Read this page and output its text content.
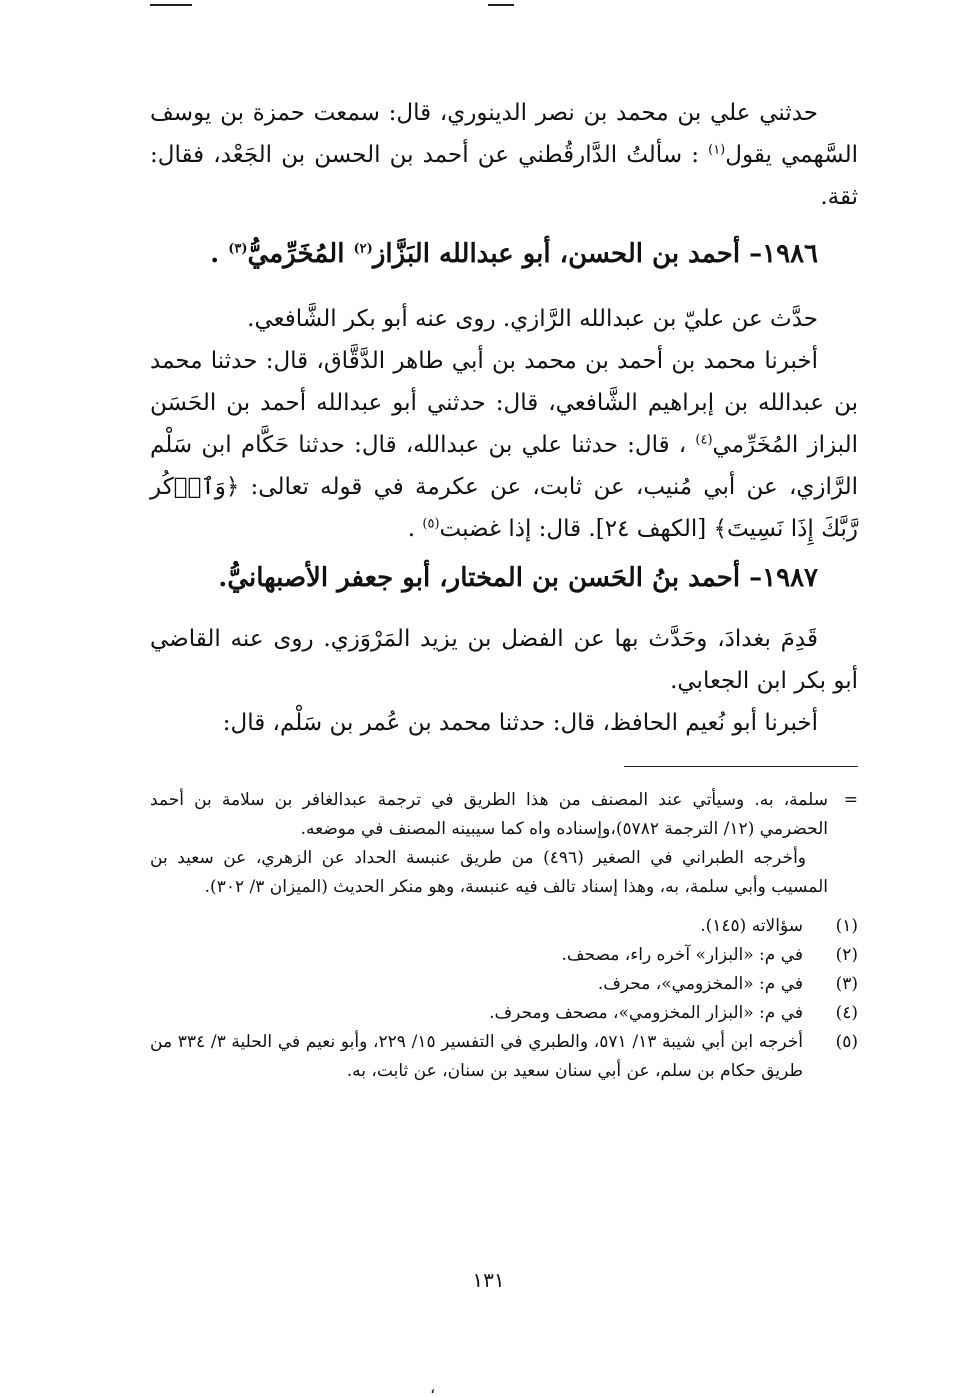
حدثني علي بن محمد بن نصر الدينوري، قال: سمعت حمزة بن يوسف السَّهمي يقول$^{(١)}$ : سألتُ الدَّارقُطني عن أحمد بن الحسن بن الجَعْد، فقال: ثقة.

١٩٨٦– أحمد بن الحسن، أبو عبدالله البَزَّاز$^{(٢)}$ المُخَرِّميُّ$^{(٣)}$ .

حدَّث عن عليّ بن عبدالله الرَّازي. روى عنه أبو بكر الشَّافعي.

أخبرنا محمد بن أحمد بن محمد بن أبي طاهر الدَّقَّاق، قال: حدثنا محمد بن عبدالله بن إبراهيم الشَّافعي، قال: حدثني أبو عبدالله أحمد بن الحَسَن البزاز المُخَرِّمي$^{(٤)}$ ، قال: حدثنا علي بن عبدالله، قال: حدثنا حَكَّام ابن سَلْم الرَّازي، عن أبي مُنيب، عن ثابت، عن عكرمة في قوله تعالى: ﴿وَٱذۡكُر رَّبَّكَ إِذَا نَسِيتَ﴾ [الكهف ٢٤]. قال: إذا غضبت$^{(٥)}$ .

١٩٨٧– أحمد بنُ الحَسن بن المختار، أبو جعفر الأصبهانيُّ.

قَدِمَ بغدادَ، وحَدَّث بها عن الفضل بن يزيد المَرْوَزي. روى عنه القاضي أبو بكر ابن الجعابي.

أخبرنا أبو نُعيم الحافظ، قال: حدثنا محمد بن عُمر بن سَلْم، قال:

=

سلمة، به. وسيأتي عند المصنف من هذا الطريق في ترجمة عبدالغافر بن سلامة بن أحمد الحضرمي (١٢/ الترجمة ٥٧٨٢)،وإسناده واه كما سيبينه المصنف في موضعه.

وأخرجه الطبراني في الصغير (٤٩٦) من طريق عنبسة الحداد عن الزهري، عن سعيد بن المسيب وأبي سلمة، به، وهذا إسناد تالف فيه عنبسة، وهو منكر الحديث (الميزان ٣/ ٣٠٢).

(١)
سؤالاته (١٤٥).
(٢)
في م: «البزار» آخره راء، مصحف.
(٣)
في م: «المخزومي»، محرف.
(٤)
في م: «البزار المخزومي»، مصحف ومحرف.
(٥)
أخرجه ابن أبي شيبة ١٣/ ٥٧١، والطبري في التفسير ١٥/ ٢٢٩، وأبو نعيم في الحلية ٣/ ٣٣٤ من طريق حكام بن سلم، عن أبي سنان سعيد بن سنان، عن ثابت، به.
١٣١
،
